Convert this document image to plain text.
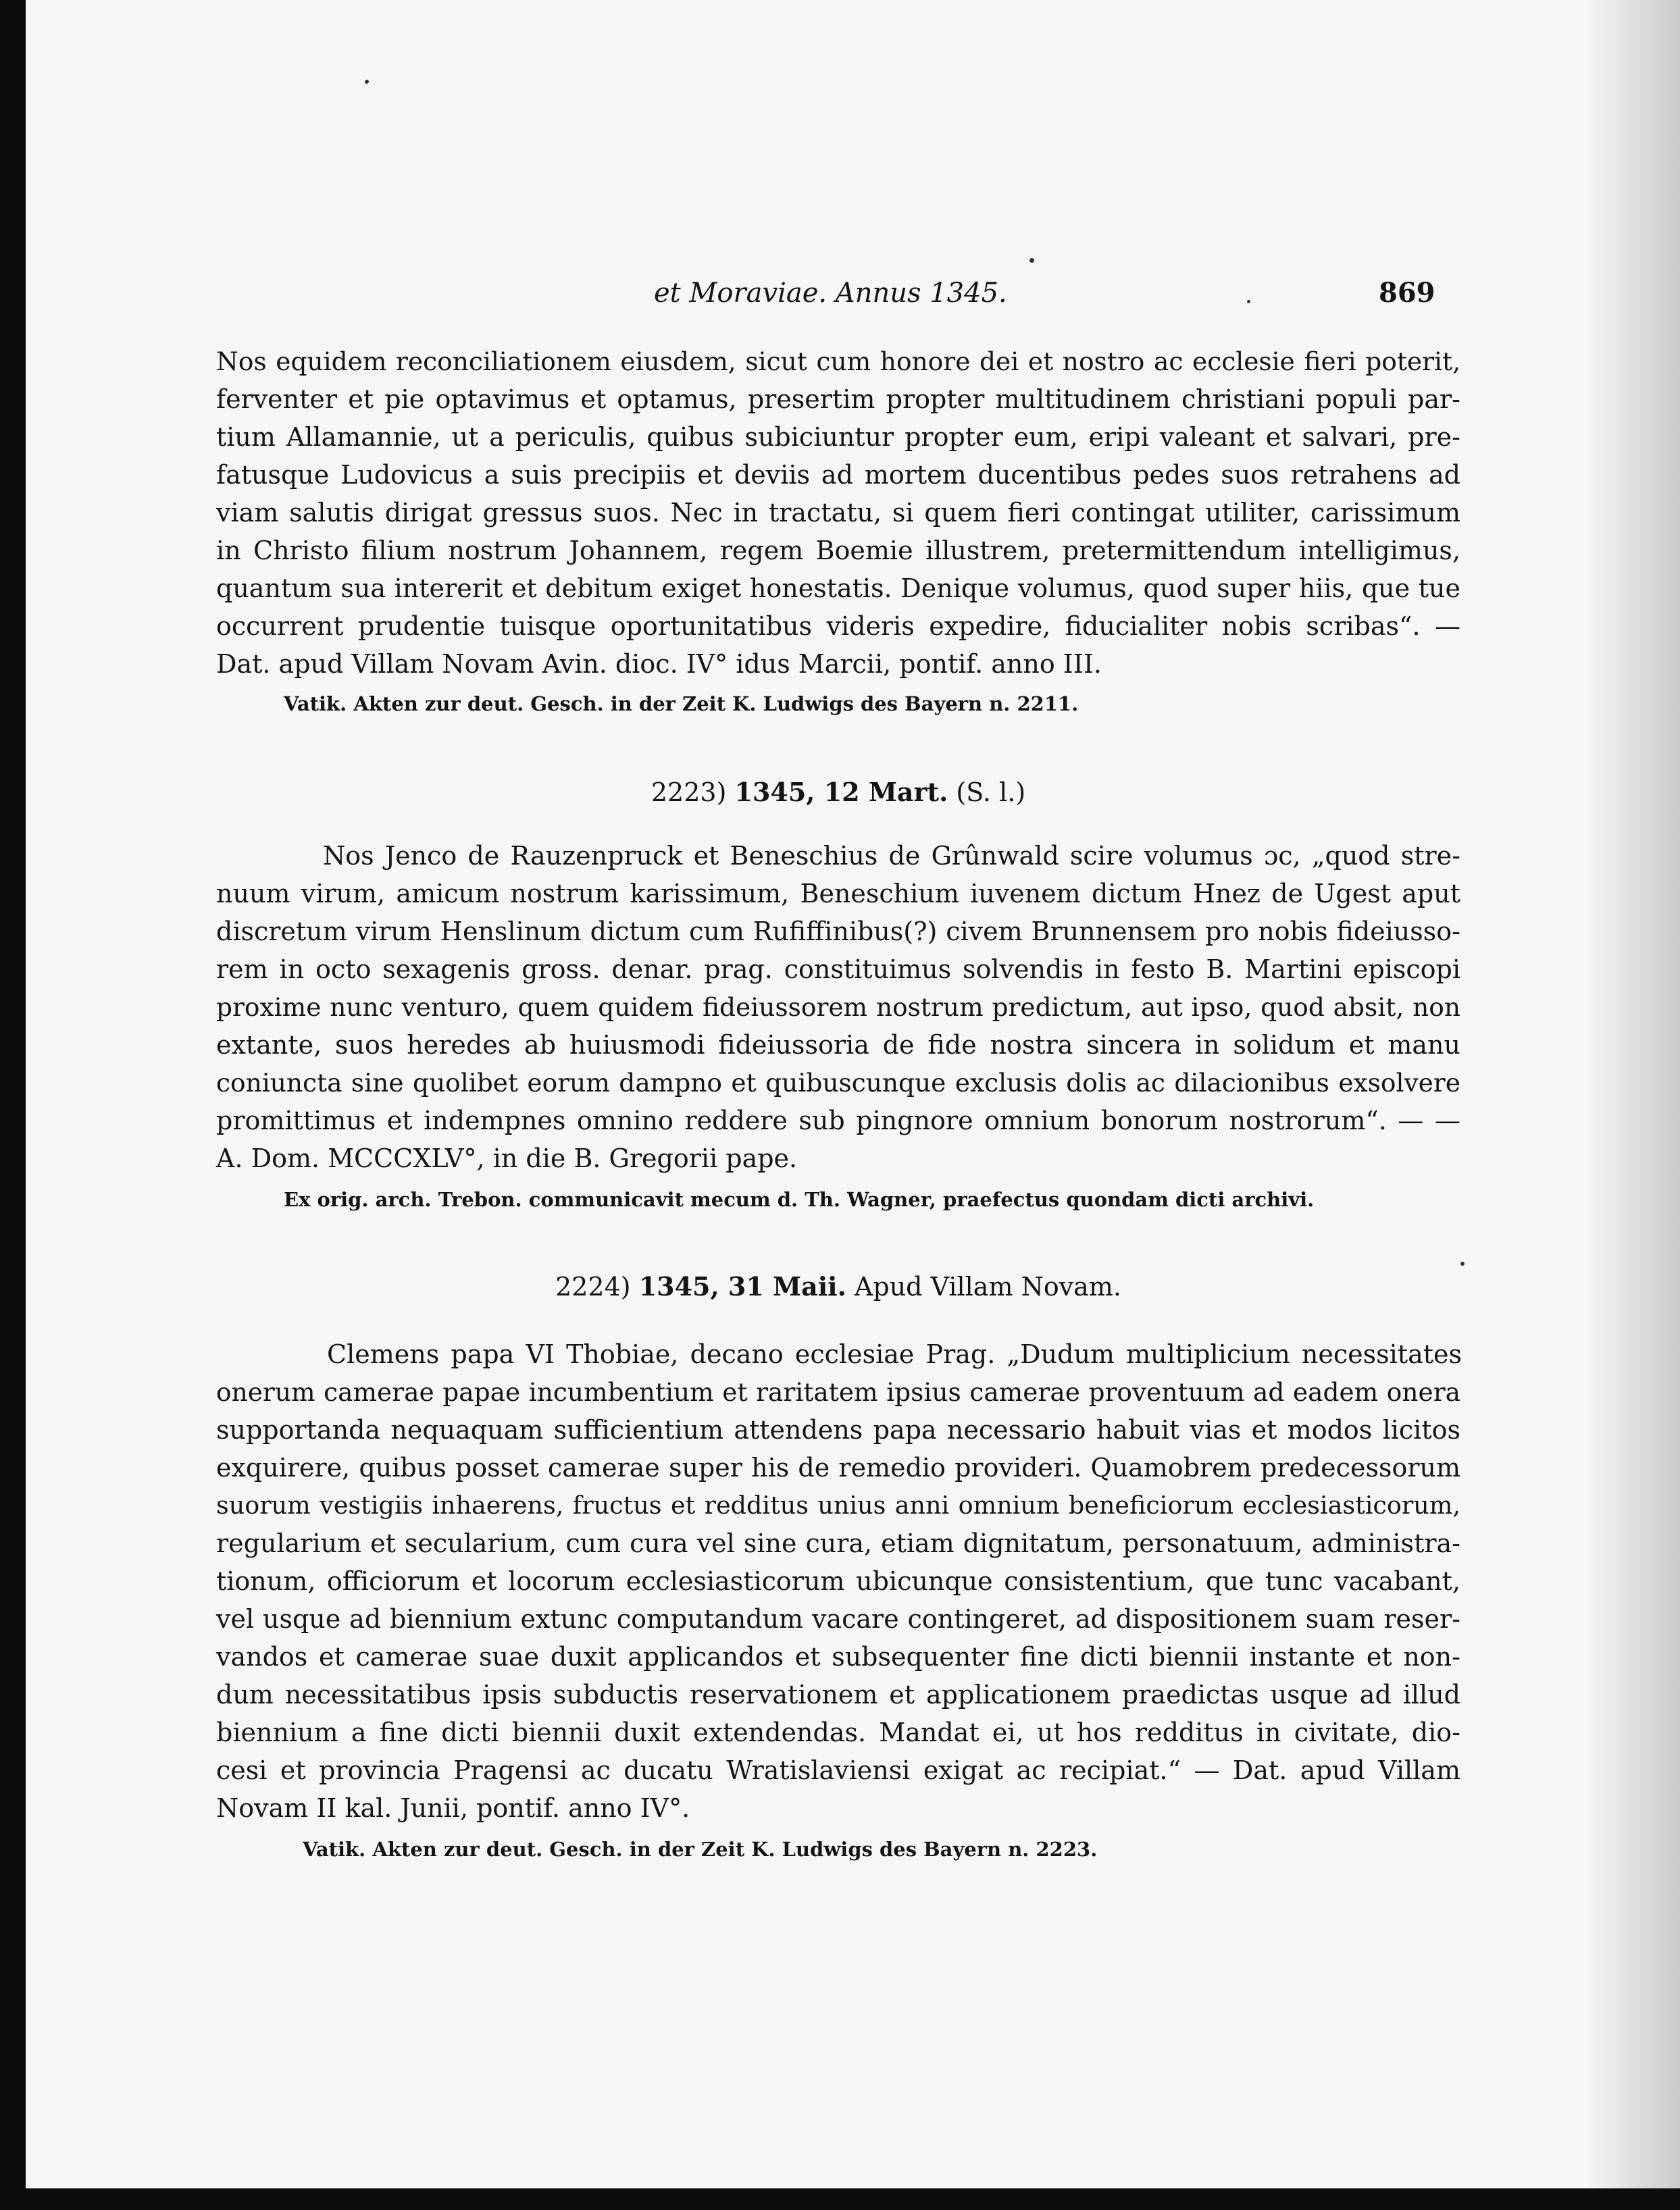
et Moraviae. Annus 1345.	869
Nos equidem reconciliationem eiusdem, sicut cum honore dei et nostro ac ecclesie fieri poterit,
ferventer et pie optavimus et optamus, presertim propter multitudinem christiani populi par-
tium Allamannie, ut a periculis, quibus subiciuntur propter eum, eripi valeant et salvari, pre-
fatusque Ludovicus a suis precipiis et deviis ad mortem ducentibus pedes suos retrahens ad
viam salutis dirigat gressus suos. Nec in tractatu, si quem fieri contingat utiliter, carissimum
in Christo filium nostrum Johannem, regem Boemie illustrem, pretermittendum intelligimus,
quantum sua intererit et debitum exiget honestatis. Denique volumus, quod super hiis, que tue
occurrent prudentie tuisque oportunitatibus videris expedire, fiducialiter nobis scribas“. —
Dat. apud Villam Novam Avin. dioc. IV° idus Marcii, pontif. anno III.
Vatik. Akten zur deut. Gesch. in der Zeit K. Ludwigs des Bayern n. 2211.
2223) 1345, 12 Mart. (S. l.)
Nos Jenco de Rauzenpruck et Beneschius de Grûnwald scire volumus ɔc, „quod stre-
nuum virum, amicum nostrum karissimum, Beneschium iuvenem dictum Hnez de Ugest aput
discretum virum Henslinum dictum cum Rufiffinibus(?) civem Brunnensem pro nobis fideiusso-
rem in octo sexagenis gross. denar. prag. constituimus solvendis in festo B. Martini episcopi
proxime nunc venturo, quem quidem fideiussorem nostrum predictum, aut ipso, quod absit, non
extante, suos heredes ab huiusmodi fideiussoria de fide nostra sincera in solidum et manu
coniuncta sine quolibet eorum dampno et quibuscunque exclusis dolis ac dilacionibus exsolvere
promittimus et indempnes omnino reddere sub pingnore omnium bonorum nostrorum“. — —
A. Dom. MCCCXLV°, in die B. Gregorii pape.
Ex orig. arch. Trebon. communicavit mecum d. Th. Wagner, praefectus quondam dicti archivi.
2224) 1345, 31 Maii. Apud Villam Novam.
Clemens papa VI Thobiae, decano ecclesiae Prag. „Dudum multiplicium necessitates
onerum camerae papae incumbentium et raritatem ipsius camerae proventuum ad eadem onera
supportanda nequaquam sufficientium attendens papa necessario habuit vias et modos licitos
exquirere, quibus posset camerae super his de remedio provideri. Quamobrem predecessorum
suorum vestigiis inhaerens, fructus et redditus unius anni omnium beneficiorum ecclesiasticorum,
regularium et secularium, cum cura vel sine cura, etiam dignitatum, personatuum, administra-
tionum, officiorum et locorum ecclesiasticorum ubicunque consistentium, que tunc vacabant,
vel usque ad biennium extunc computandum vacare contingeret, ad dispositionem suam reser-
vandos et camerae suae duxit applicandos et subsequenter fine dicti biennii instante et non-
dum necessitatibus ipsis subductis reservationem et applicationem praedictas usque ad illud
biennium a fine dicti biennii duxit extendendas. Mandat ei, ut hos redditus in civitate, dio-
cesi et provincia Pragensi ac ducatu Wratislaviensi exigat ac recipiat.“ — Dat. apud Villam
Novam II kal. Junii, pontif. anno IV°.
Vatik. Akten zur deut. Gesch. in der Zeit K. Ludwigs des Bayern n. 2223.
